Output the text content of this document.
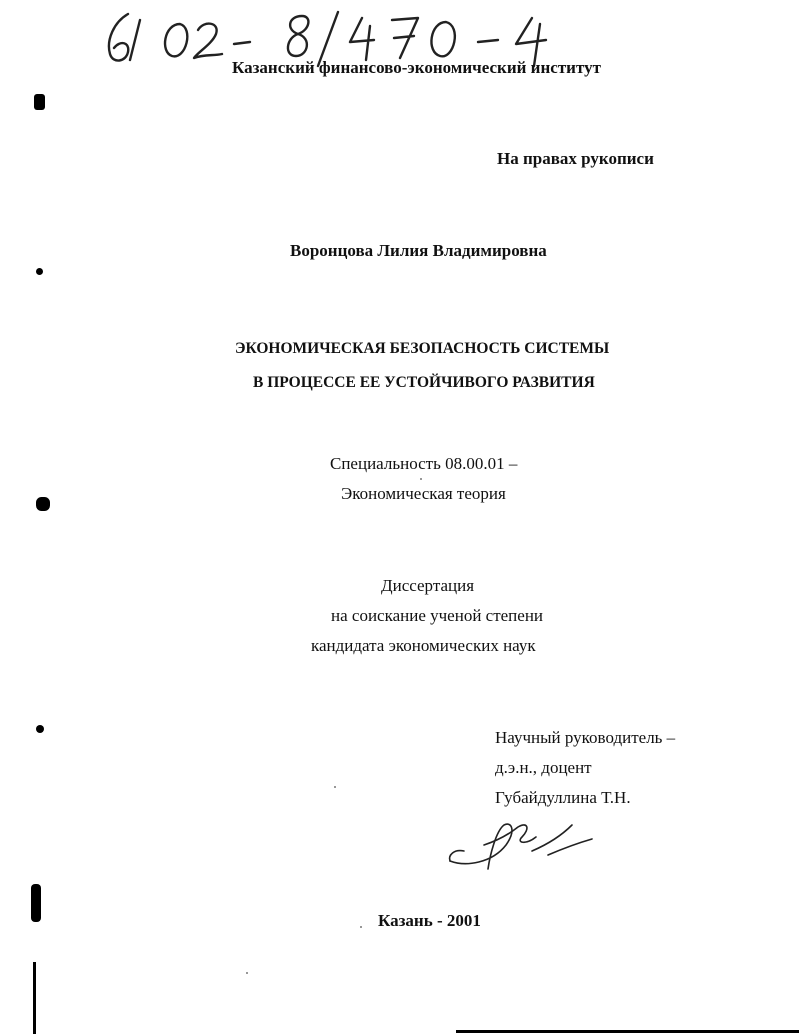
Казанский финансово-экономический институт
На правах рукописи
Воронцова Лилия Владимировна
ЭКОНОМИЧЕСКАЯ БЕЗОПАСНОСТЬ СИСТЕМЫ
В ПРОЦЕССЕ ЕЕ УСТОЙЧИВОГО РАЗВИТИЯ
Специальность 08.00.01 –
Экономическая теория
Диссертация
на соискание ученой степени
кандидата экономических наук
Научный руководитель –
д.э.н., доцент
Губайдуллина Т.Н.
Казань - 2001
